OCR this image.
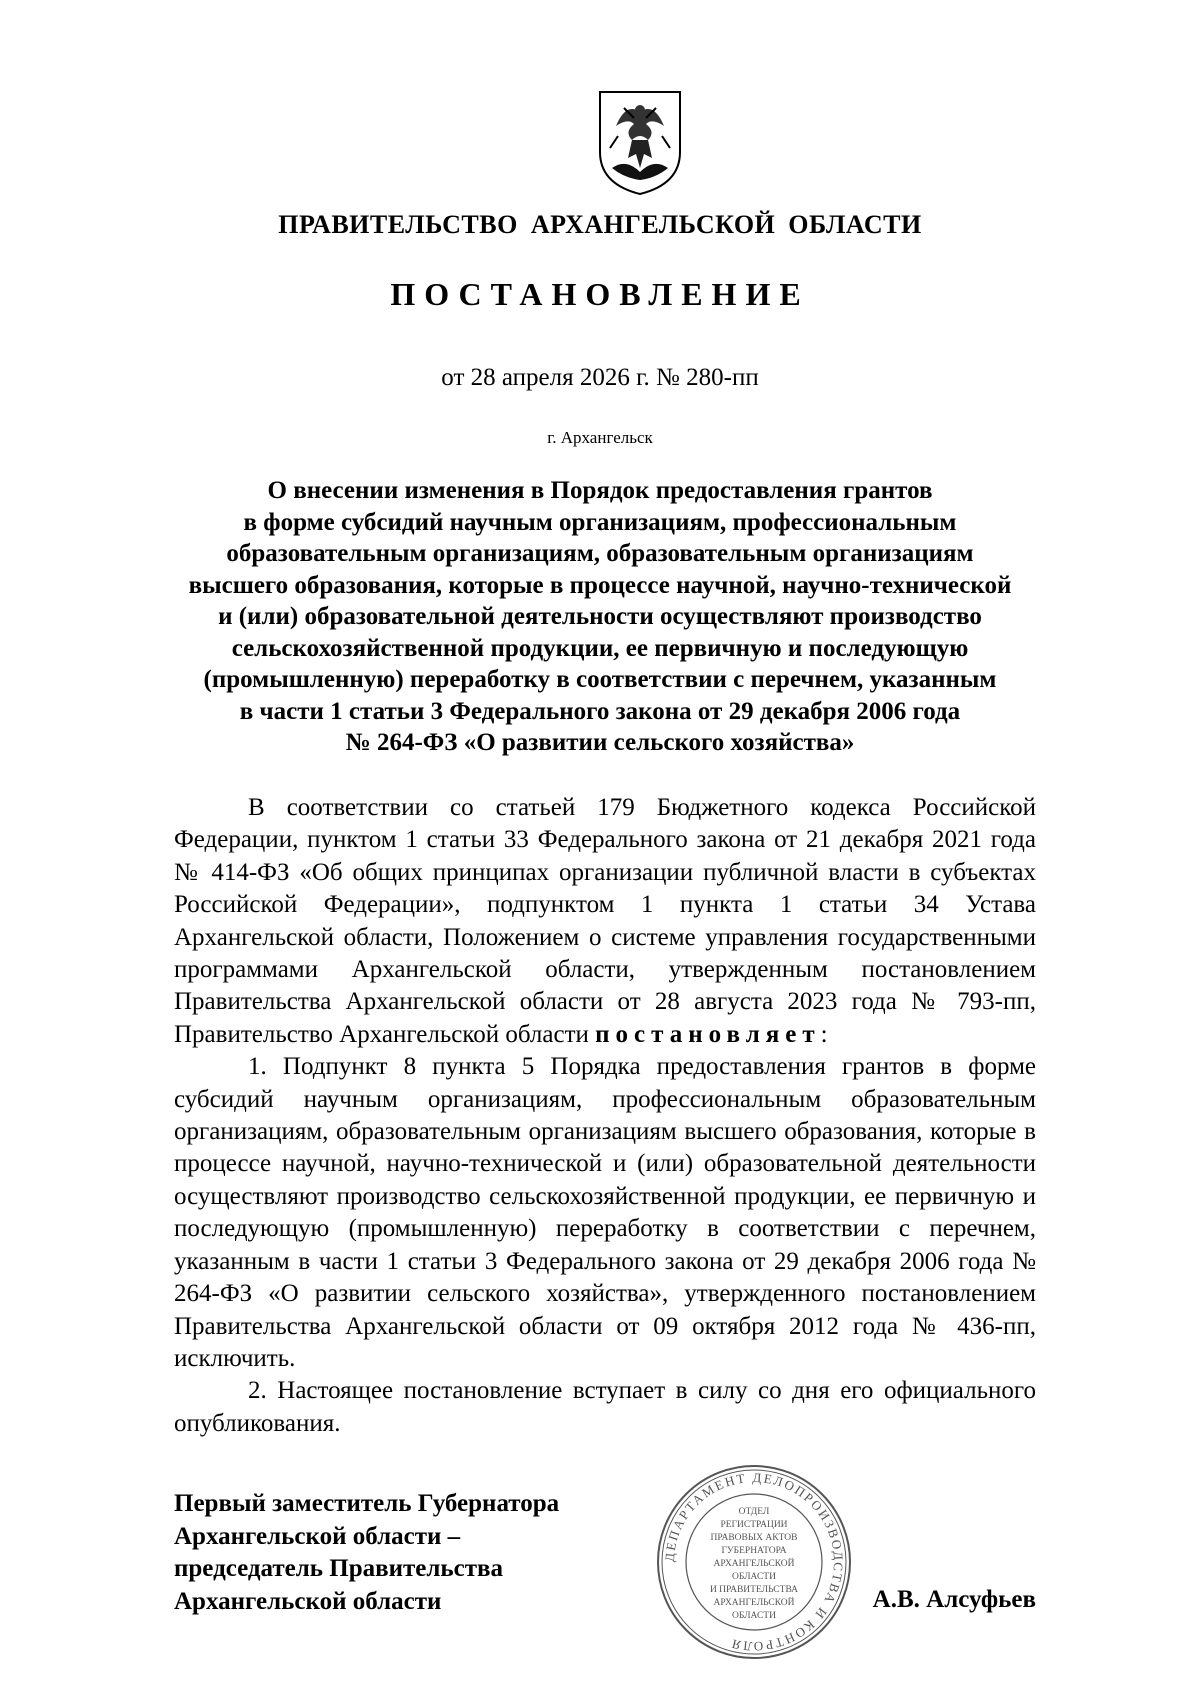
ПРАВИТЕЛЬСТВО АРХАНГЕЛЬСКОЙ ОБЛАСТИ
ПОСТАНОВЛЕНИЕ
от 28 апреля 2026 г. № 280-пп
г. Архангельск
О внесении изменения в Порядок предоставления грантов
в форме субсидий научным организациям, профессиональным
образовательным организациям, образовательным организациям
высшего образования, которые в процессе научной, научно-технической
и (или) образовательной деятельности осуществляют производство
сельскохозяйственной продукции, ее первичную и последующую
(промышленную) переработку в соответствии с перечнем, указанным
в части 1 статьи 3 Федерального закона от 29 декабря 2006 года
№ 264-ФЗ «О развитии сельского хозяйства»

В соответствии со статьей 179 Бюджетного кодекса Российской Федерации, пунктом 1 статьи 33 Федерального закона от 21 декабря 2021 года № 414-ФЗ «Об общих принципах организации публичной власти в субъектах Российской Федерации», подпунктом 1 пункта 1 статьи 34 Устава Архангельской области, Положением о системе управления государственными программами Архангельской области, утвержденным постановлением Правительства Архангельской области от 28 августа 2023 года № 793-пп, Правительство Архангельской области постановляет:

1. Подпункт 8 пункта 5 Порядка предоставления грантов в форме субсидий научным организациям, профессиональным образовательным организациям, образовательным организациям высшего образования, которые в процессе научной, научно-технической и (или) образовательной деятельности осуществляют производство сельскохозяйственной продукции, ее первичную и последующую (промышленную) переработку в соответствии с перечнем, указанным в части 1 статьи 3 Федерального закона от 29 декабря 2006 года № 264-ФЗ «О развитии сельского хозяйства», утвержденного постановлением Правительства Архангельской области от 09 октября 2012 года № 436-пп, исключить.

2. Настоящее постановление вступает в силу со дня его официального опубликования.

Первый заместитель Губернатора
Архангельской области –
председатель Правительства
Архангельской области
ДЕПАРТАМЕНТ ДЕЛОПРОИЗВОДСТВА И КОНТРОЛЯ
ОТДЕЛ
РЕГИСТРАЦИИ
ПРАВОВЫХ АКТОВ
ГУБЕРНАТОРА
АРХАНГЕЛЬСКОЙ
ОБЛАСТИ
И ПРАВИТЕЛЬСТВА
АРХАНГЕЛЬСКОЙ
ОБЛАСТИ
А.В. Алсуфьев
